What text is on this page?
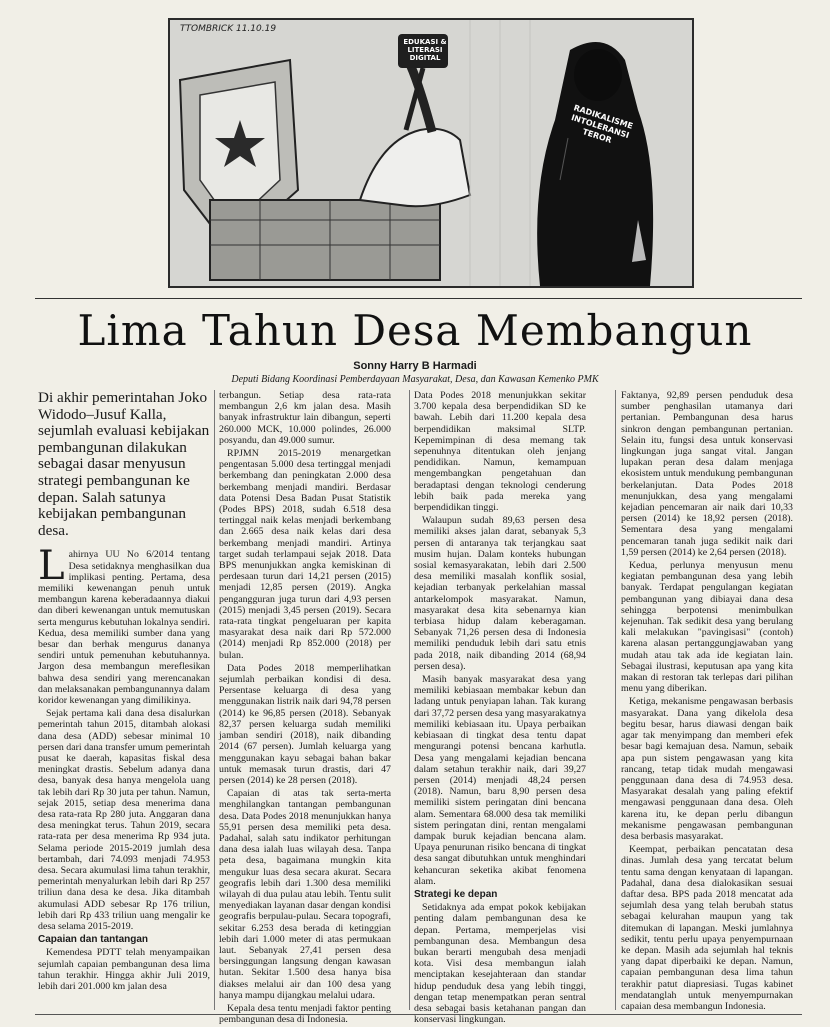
TTOMBRICK 11.10.19
EDUKASI & LITERASI DIGITAL
RADIKALISME INTOLERANSI TEROR
Lima Tahun Desa Membangun
Sonny Harry B Harmadi
Deputi Bidang Koordinasi Pemberdayaan Masyarakat, Desa, dan Kawasan Kemenko PMK
Di akhir pemerintahan Joko Widodo–Jusuf Kalla, sejumlah evaluasi kebijakan pembangunan dilakukan sebagai dasar menyusun strategi pembangunan ke depan. Salah satunya kebijakan pembangunan desa.

Lahirnya UU No 6/2014 tentang Desa setidaknya menghasilkan dua implikasi penting. Pertama, desa memiliki kewenangan penuh untuk membangun karena keberadaannya diakui dan diberi kewenangan untuk memutuskan serta mengurus kebutuhan lokalnya sendiri. Kedua, desa memiliki sumber dana yang besar dan berhak mengurus dananya sendiri untuk pemenuhan kebutuhannya. Jargon desa membangun mereflesikan bahwa desa sendiri yang merencanakan dan melaksanakan pembangunannya dalam koridor kewenangan yang dimilikinya.

Sejak pertama kali dana desa disalurkan pemerintah tahun 2015, ditambah alokasi dana desa (ADD) sebesar minimal 10 persen dari dana transfer umum pemerintah pusat ke daerah, kapasitas fiskal desa meningkat drastis. Sebelum adanya dana desa, banyak desa hanya mengelola uang tak lebih dari Rp 30 juta per tahun. Namun, sejak 2015, setiap desa menerima dana desa rata-rata Rp 280 juta. Anggaran dana desa meningkat terus. Tahun 2019, secara rata-rata per desa menerima Rp 934 juta. Selama periode 2015-2019 jumlah desa bertambah, dari 74.093 menjadi 74.953 desa. Secara akumulasi lima tahun terakhir, pemerintah menyalurkan lebih dari Rp 257 triliun dana desa ke desa. Jika ditambah akumulasi ADD sebesar Rp 176 triliun, lebih dari Rp 433 triliun uang mengalir ke desa selama 2015-2019.

Capaian dan tantangan

Kemendesa PDTT telah menyampaikan sejumlah capaian pembangunan desa lima tahun terakhir. Hingga akhir Juli 2019, lebih dari 201.000 km jalan desa

terbangun. Setiap desa rata-rata membangun 2,6 km jalan desa. Masih banyak infrastruktur lain dibangun, seperti 260.000 MCK, 10.000 polindes, 26.000 posyandu, dan 49.000 sumur.

RPJMN 2015-2019 menargetkan pengentasan 5.000 desa tertinggal menjadi berkembang dan peningkatan 2.000 desa berkembang menjadi mandiri. Berdasar data Potensi Desa Badan Pusat Statistik (Podes BPS) 2018, sudah 6.518 desa tertinggal naik kelas menjadi berkembang dan 2.665 desa naik kelas dari desa berkembang menjadi mandiri. Artinya target sudah terlampaui sejak 2018. Data BPS menunjukkan angka kemiskinan di perdesaan turun dari 14,21 persen (2015) menjadi 12,85 persen (2019). Angka pengangguran juga turun dari 4,93 persen (2015) menjadi 3,45 persen (2019). Secara rata-rata tingkat pengeluaran per kapita masyarakat desa naik dari Rp 572.000 (2014) menjadi Rp 852.000 (2018) per bulan.

Data Podes 2018 memperlihatkan sejumlah perbaikan kondisi di desa. Persentase keluarga di desa yang menggunakan listrik naik dari 94,78 persen (2014) ke 96,85 persen (2018). Sebanyak 82,37 persen keluarga sudah memiliki jamban sendiri (2018), naik dibanding 2014 (67 persen). Jumlah keluarga yang menggunakan kayu sebagai bahan bakar untuk memasak turun drastis, dari 47 persen (2014) ke 28 persen (2018).

Capaian di atas tak serta-merta menghilangkan tantangan pembangunan desa. Data Podes 2018 menunjukkan hanya 55,91 persen desa memiliki peta desa. Padahal, salah satu indikator perhitungan dana desa ialah luas wilayah desa. Tanpa peta desa, bagaimana mungkin kita mengukur luas desa secara akurat. Secara geografis lebih dari 1.300 desa memiliki wilayah di dua pulau atau lebih. Tentu sulit menyediakan layanan dasar dengan kondisi geografis berpulau-pulau. Secara topografi, sekitar 6.253 desa berada di ketinggian lebih dari 1.000 meter di atas permukaan laut. Sebanyak 27,41 persen desa bersinggungan langsung dengan kawasan hutan. Sekitar 1.500 desa hanya bisa diakses melalui air dan 100 desa yang hanya mampu dijangkau melalui udara.

Kepala desa tentu menjadi faktor penting pembangunan desa di Indonesia.

Data Podes 2018 menunjukkan sekitar 3.700 kepala desa berpendidikan SD ke bawah. Lebih dari 11.200 kepala desa berpendidikan maksimal SLTP. Kepemimpinan di desa memang tak sepenuhnya ditentukan oleh jenjang pendidikan. Namun, kemampuan mengembangkan pengetahuan dan beradaptasi dengan teknologi cenderung lebih baik pada mereka yang berpendidikan tinggi.

Walaupun sudah 89,63 persen desa memiliki akses jalan darat, sebanyak 5,3 persen di antaranya tak terjangkau saat musim hujan. Dalam konteks hubungan sosial kemasyarakatan, lebih dari 2.500 desa memiliki masalah konflik sosial, kejadian terbanyak perkelahian massal antarkelompok masyarakat. Namun, masyarakat desa kita sebenarnya kian terbiasa hidup dalam keberagaman. Sebanyak 71,26 persen desa di Indonesia memiliki penduduk lebih dari satu etnis pada 2018, naik dibanding 2014 (68,94 persen desa).

Masih banyak masyarakat desa yang memiliki kebiasaan membakar kebun dan ladang untuk penyiapan lahan. Tak kurang dari 37,72 persen desa yang masyarakatnya memiliki kebiasaan itu. Upaya perbaikan kebiasaan di tingkat desa tentu dapat mengurangi potensi bencana karhutla. Desa yang mengalami kejadian bencana dalam setahun terakhir naik, dari 39,27 persen (2014) menjadi 48,24 persen (2018). Namun, baru 8,90 persen desa memiliki sistem peringatan dini bencana alam. Sementara 68.000 desa tak memiliki sistem peringatan dini, rentan mengalami dampak buruk kejadian bencana alam. Upaya penurunan risiko bencana di tingkat desa sangat dibutuhkan untuk menghindari kehancuran seketika akibat fenomena alam.

Strategi ke depan

Setidaknya ada empat pokok kebijakan penting dalam pembangunan desa ke depan. Pertama, memperjelas visi pembangunan desa. Membangun desa bukan berarti mengubah desa menjadi kota. Visi desa membangun ialah menciptakan kesejahteraan dan standar hidup penduduk desa yang lebih tinggi, dengan tetap menempatkan peran sentral desa sebagai basis ketahanan pangan dan konservasi lingkungan.

Faktanya, 92,89 persen penduduk desa sumber penghasilan utamanya dari pertanian. Pembangunan desa harus sinkron dengan pembangunan pertanian. Selain itu, fungsi desa untuk konservasi lingkungan juga sangat vital. Jangan lupakan peran desa dalam menjaga ekosistem untuk mendukung pembangunan berkelanjutan. Data Podes 2018 menunjukkan, desa yang mengalami kejadian pencemaran air naik dari 10,33 persen (2014) ke 18,92 persen (2018). Sementara desa yang mengalami pencemaran tanah juga sedikit naik dari 1,59 persen (2014) ke 2,64 persen (2018).

Kedua, perlunya menyusun menu kegiatan pembangunan desa yang lebih banyak. Terdapat pengulangan kegiatan pembangunan yang dibiayai dana desa sehingga berpotensi menimbulkan kejenuhan. Tak sedikit desa yang berulang kali melakukan "pavingisasi" (contoh) karena alasan pertanggungjawaban yang mudah atau tak ada ide kegiatan lain. Sebagai ilustrasi, keputusan apa yang kita makan di restoran tak terlepas dari pilihan menu yang diberikan.

Ketiga, mekanisme pengawasan berbasis masyarakat. Dana yang dikelola desa begitu besar, harus diawasi dengan baik agar tak menyimpang dan memberi efek besar bagi kemajuan desa. Namun, sebaik apa pun sistem pengawasan yang kita rancang, tetap tidak mudah mengawasi penggunaan dana desa di 74.953 desa. Masyarakat desalah yang paling efektif mengawasi penggunaan dana desa. Oleh karena itu, ke depan perlu dibangun mekanisme pengawasan pembangunan desa berbasis masyarakat.

Keempat, perbaikan pencatatan desa dinas. Jumlah desa yang tercatat belum tentu sama dengan kenyataan di lapangan. Padahal, dana desa dialokasikan sesuai daftar desa. BPS pada 2018 mencatat ada sejumlah desa yang telah berubah status sebagai kelurahan maupun yang tak ditemukan di lapangan. Meski jumlahnya sedikit, tentu perlu upaya penyempurnaan ke depan. Masih ada sejumlah hal teknis yang dapat diperbaiki ke depan. Namun, capaian pembangunan desa lima tahun terakhir patut diapresiasi. Tugas kabinet mendatanglah untuk menyempurnakan capaian desa membangun Indonesia.
